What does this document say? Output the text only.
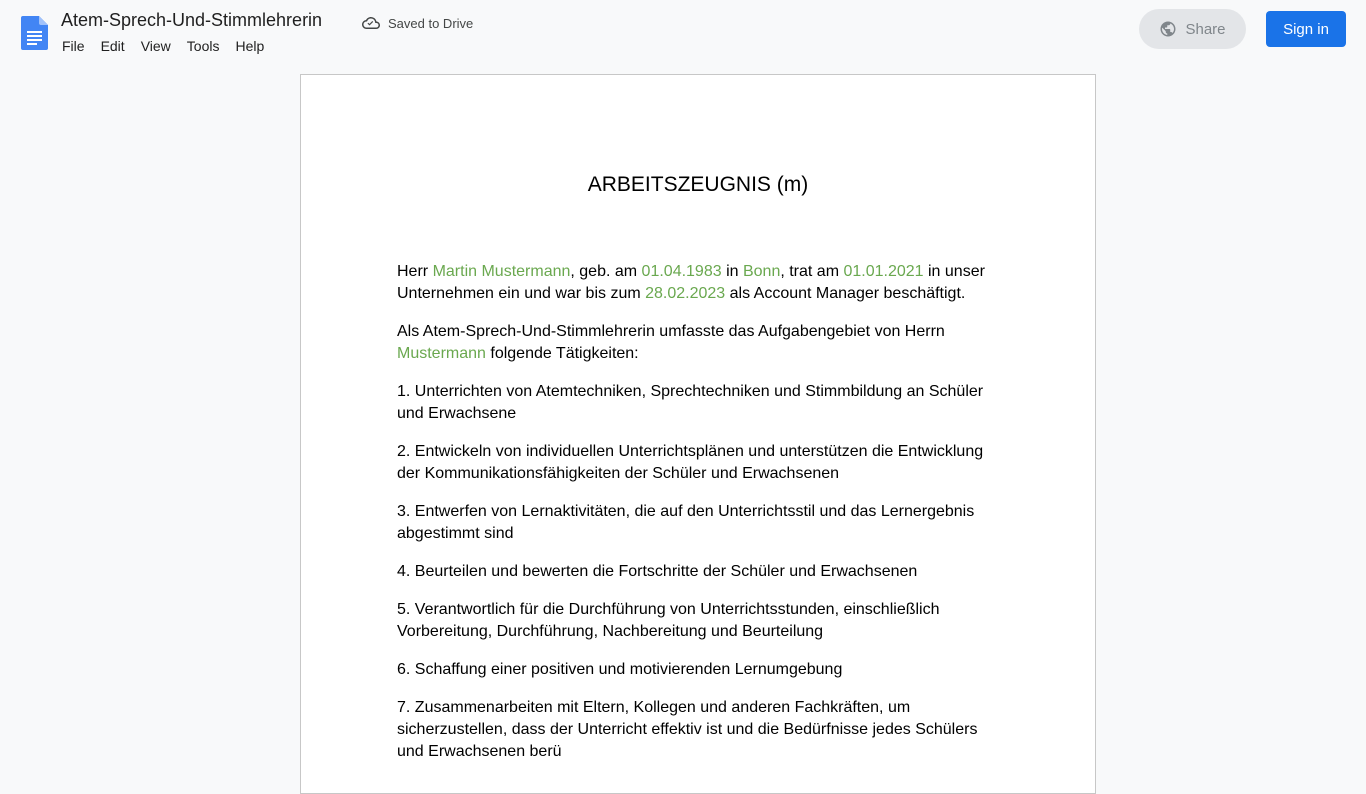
Atem-Sprech-Und-Stimmlehrerin	Saved to Drive
File Edit View Tools Help
Share	Sign in
ARBEITSZEUGNIS (m)

Herr Martin Mustermann, geb. am 01.04.1983 in Bonn, trat am 01.01.2021 in unser Unternehmen ein und war bis zum 28.02.2023 als Account Manager beschäftigt.

Als Atem-Sprech-Und-Stimmlehrerin umfasste das Aufgabengebiet von Herrn Mustermann folgende Tätigkeiten:

1. Unterrichten von Atemtechniken, Sprechtechniken und Stimmbildung an Schüler und Erwachsene

2. Entwickeln von individuellen Unterrichtsplänen und unterstützen die Entwicklung der Kommunikationsfähigkeiten der Schüler und Erwachsenen

3. Entwerfen von Lernaktivitäten, die auf den Unterrichtsstil und das Lernergebnis abgestimmt sind

4. Beurteilen und bewerten die Fortschritte der Schüler und Erwachsenen

5. Verantwortlich für die Durchführung von Unterrichtsstunden, einschließlich Vorbereitung, Durchführung, Nachbereitung und Beurteilung

6. Schaffung einer positiven und motivierenden Lernumgebung

7. Zusammenarbeiten mit Eltern, Kollegen und anderen Fachkräften, um sicherzustellen, dass der Unterricht effektiv ist und die Bedürfnisse jedes Schülers und Erwachsenen berü
